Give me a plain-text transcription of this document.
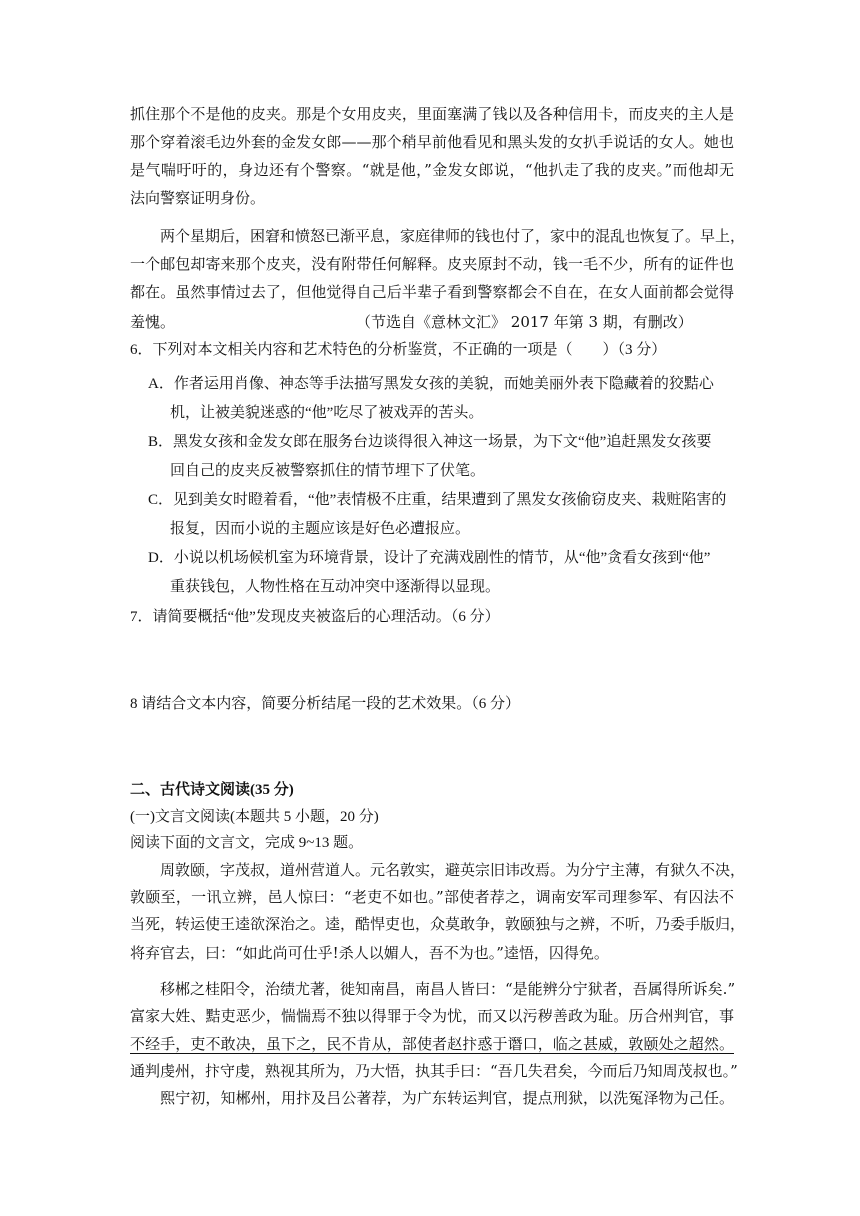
抓住那个不是他的皮夹。那是个女用皮夹，里面塞满了钱以及各种信用卡，而皮夹的主人是
那个穿着滚毛边外套的金发女郎——那个稍早前他看见和黑头发的女扒手说话的女人。她也
是气喘吁吁的，身边还有个警察。“就是他，”金发女郎说，“他扒走了我的皮夹。”而他却无
法向警察证明身份。
两个星期后，困窘和愤怒已渐平息，家庭律师的钱也付了，家中的混乱也恢复了。早上，
一个邮包却寄来那个皮夹，没有附带任何解释。皮夹原封不动，钱一毛不少，所有的证件也
都在。虽然事情过去了，但他觉得自己后半辈子看到警察都会不自在，在女人面前都会觉得
羞愧。	（节选自《意林文汇》 2017 年第 3 期，有删改）
6．下列对本文相关内容和艺术特色的分析鉴赏，不正确的一项是（　　）（3 分）
A．作者运用肖像、神态等手法描写黑发女孩的美貌，而她美丽外表下隐藏着的狡黠心
机，让被美貌迷惑的“他”吃尽了被戏弄的苦头。
B．黑发女孩和金发女郎在服务台边谈得很入神这一场景，为下文“他”追赶黑发女孩要
回自己的皮夹反被警察抓住的情节埋下了伏笔。
C．见到美女时瞪着看，“他”表情极不庄重，结果遭到了黑发女孩偷窃皮夹、栽赃陷害的
报复，因而小说的主题应该是好色必遭报应。
D．小说以机场候机室为环境背景，设计了充满戏剧性的情节，从“他”贪看女孩到“他”
重获钱包，人物性格在互动冲突中逐渐得以显现。
7．请简要概括“他”发现皮夹被盗后的心理活动。（6 分）
8 请结合文本内容，简要分析结尾一段的艺术效果。（6 分）
二、古代诗文阅读(35 分)
(一)文言文阅读(本题共 5 小题，20 分)
阅读下面的文言文，完成 9~13 题。
周敦颐，字茂叔，道州营道人。元名敦实，避英宗旧讳改焉。为分宁主薄，有狱久不决，
敦颐至，一讯立辨，邑人惊曰：“老吏不如也。”部使者荐之，调南安军司理参军、有囚法不
当死，转运使王逵欲深治之。逵，酷悍吏也，众莫敢争，敦颐独与之辨，不听，乃委手版归，
将弃官去，曰：“如此尚可仕乎!杀人以媚人，吾不为也。”逵悟，囚得免。
移郴之桂阳令，治绩尤著，徙知南昌，南昌人皆曰：“是能辨分宁狱者，吾属得所诉矣.”
富家大姓、黠吏恶少，惴惴焉不独以得罪于令为忧，而又以污秽善政为耻。历合州判官，事
不经手，吏不敢决，虽下之，民不肯从，部使者赵抃惑于谮口，临之甚威，敦颐处之超然。
通判虔州，抃守虔，熟视其所为，乃大悟，执其手曰：“吾几失君矣，今而后乃知周茂叔也。”
熙宁初，知郴州，用抃及吕公著荐，为广东转运判官，提点刑狱，以洗冤泽物为己任。
